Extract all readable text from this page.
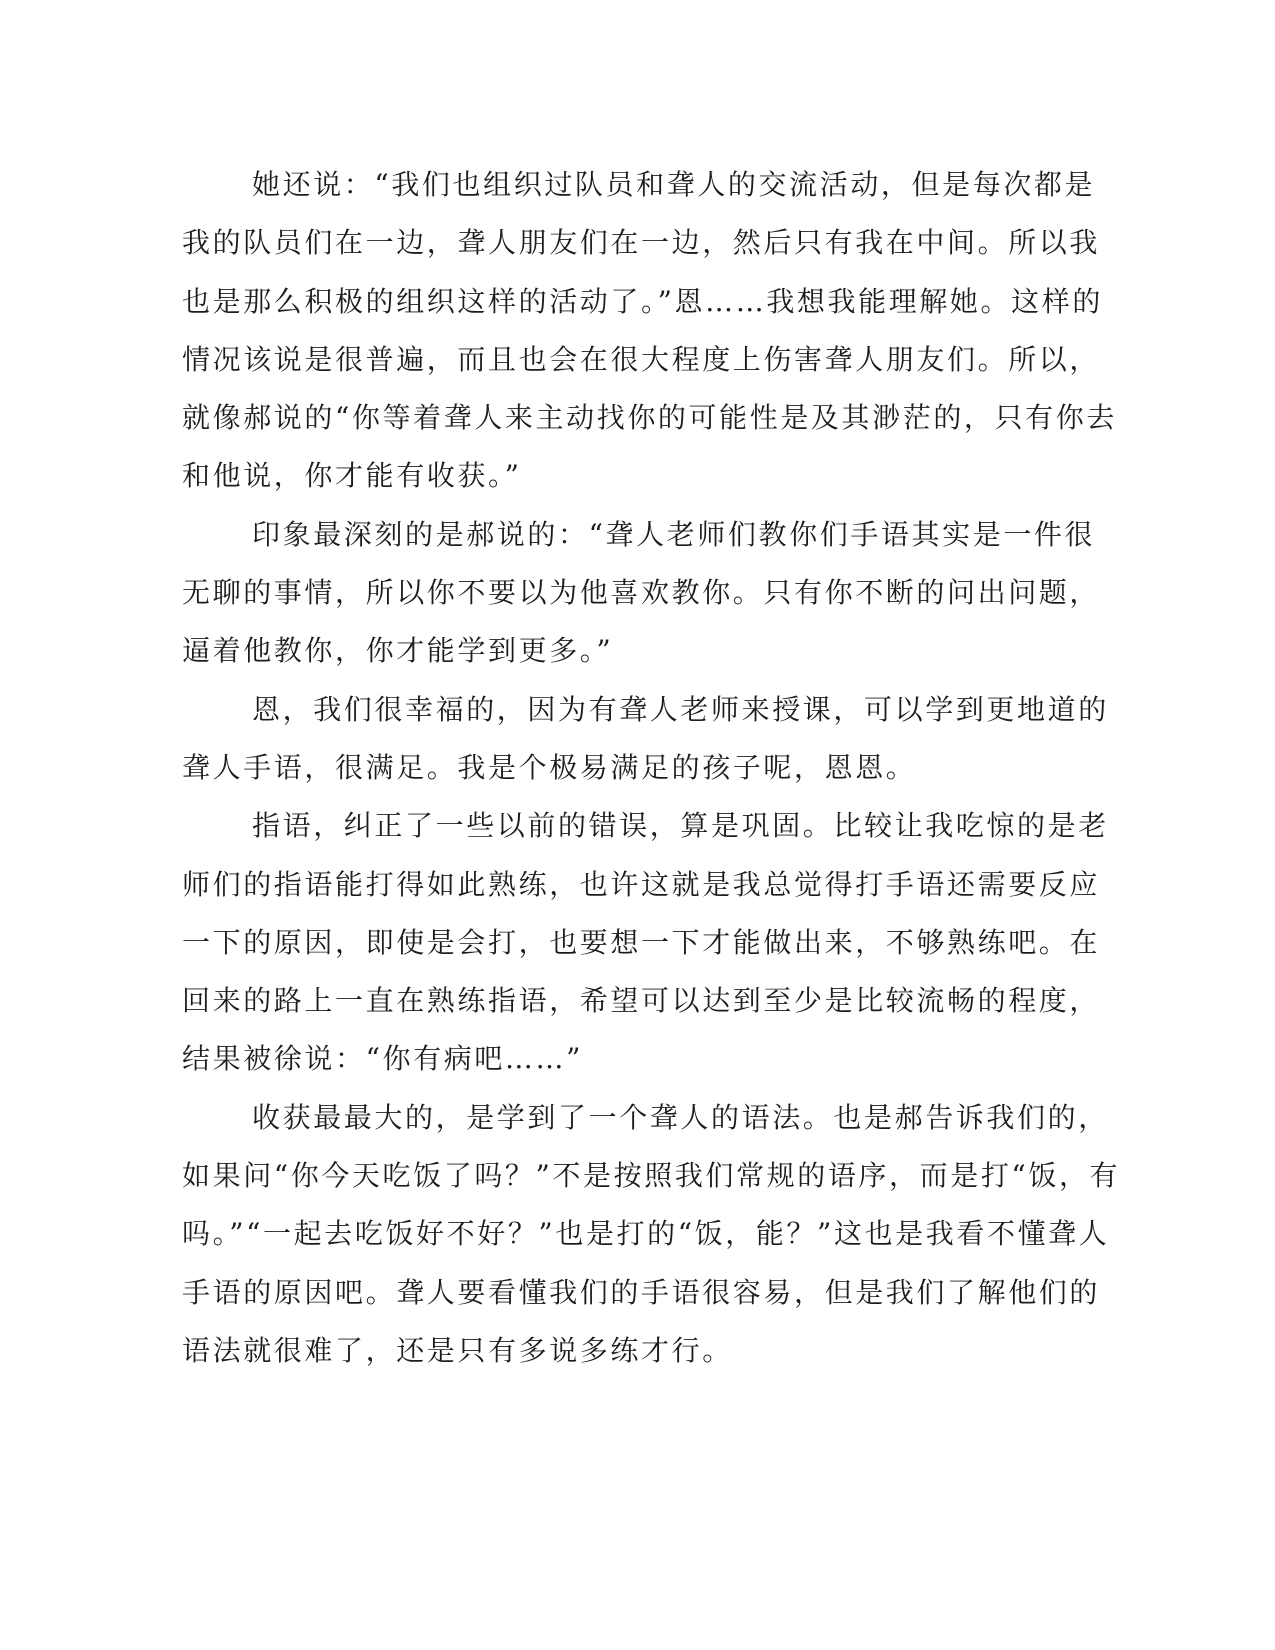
她还说：“我们也组织过队员和聋人的交流活动，但是每次都是
我的队员们在一边，聋人朋友们在一边，然后只有我在中间。所以我
也是那么积极的组织这样的活动了。”恩……我想我能理解她。这样的
情况该说是很普遍，而且也会在很大程度上伤害聋人朋友们。所以，
就像郝说的“你等着聋人来主动找你的可能性是及其渺茫的，只有你去
和他说，你才能有收获。”

印象最深刻的是郝说的：“聋人老师们教你们手语其实是一件很
无聊的事情，所以你不要以为他喜欢教你。只有你不断的问出问题，
逼着他教你，你才能学到更多。”

恩，我们很幸福的，因为有聋人老师来授课，可以学到更地道的
聋人手语，很满足。我是个极易满足的孩子呢，恩恩。

指语，纠正了一些以前的错误，算是巩固。比较让我吃惊的是老
师们的指语能打得如此熟练，也许这就是我总觉得打手语还需要反应
一下的原因，即使是会打，也要想一下才能做出来，不够熟练吧。在
回来的路上一直在熟练指语，希望可以达到至少是比较流畅的程度，
结果被徐说：“你有病吧……”

收获最最大的，是学到了一个聋人的语法。也是郝告诉我们的，
如果问“你今天吃饭了吗？”不是按照我们常规的语序，而是打“饭，有
吗。”“一起去吃饭好不好？”也是打的“饭，能？”这也是我看不懂聋人
手语的原因吧。聋人要看懂我们的手语很容易，但是我们了解他们的
语法就很难了，还是只有多说多练才行。
